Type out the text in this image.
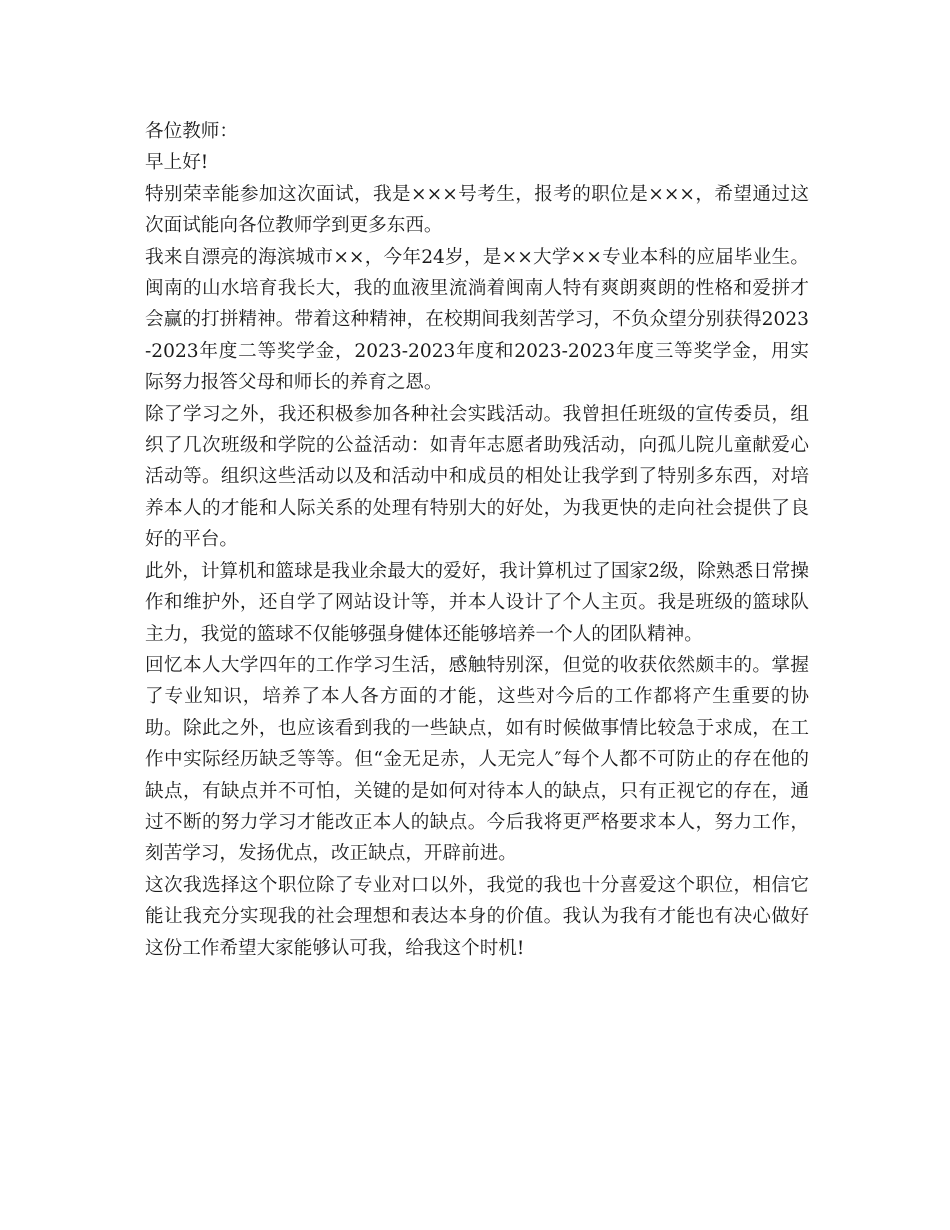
各位教师：

早上好!

特别荣幸能参加这次面试，我是×××号考生，报考的职位是×××，希望通过这次面试能向各位教师学到更多东西。

我来自漂亮的海滨城市××，今年24岁，是××大学××专业本科的应届毕业生。闽南的山水培育我长大，我的血液里流淌着闽南人特有爽朗爽朗的性格和爱拼才会赢的打拼精神。带着这种精神，在校期间我刻苦学习，不负众望分别获得2023-2023年度二等奖学金，2023-2023年度和2023-2023年度三等奖学金，用实际努力报答父母和师长的养育之恩。

除了学习之外，我还积极参加各种社会实践活动。我曾担任班级的宣传委员，组织了几次班级和学院的公益活动：如青年志愿者助残活动，向孤儿院儿童献爱心活动等。组织这些活动以及和活动中和成员的相处让我学到了特别多东西，对培养本人的才能和人际关系的处理有特别大的好处，为我更快的走向社会提供了良好的平台。

此外，计算机和篮球是我业余最大的爱好，我计算机过了国家2级，除熟悉日常操作和维护外，还自学了网站设计等，并本人设计了个人主页。我是班级的篮球队主力，我觉的篮球不仅能够强身健体还能够培养一个人的团队精神。

回忆本人大学四年的工作学习生活，感触特别深，但觉的收获依然颇丰的。掌握了专业知识，培养了本人各方面的才能，这些对今后的工作都将产生重要的协助。除此之外，也应该看到我的一些缺点，如有时候做事情比较急于求成，在工作中实际经历缺乏等等。但“金无足赤，人无完人″每个人都不可防止的存在他的缺点，有缺点并不可怕，关键的是如何对待本人的缺点，只有正视它的存在，通过不断的努力学习才能改正本人的缺点。今后我将更严格要求本人，努力工作，刻苦学习，发扬优点，改正缺点，开辟前进。

这次我选择这个职位除了专业对口以外，我觉的我也十分喜爱这个职位，相信它能让我充分实现我的社会理想和表达本身的价值。我认为我有才能也有决心做好这份工作希望大家能够认可我，给我这个时机!
